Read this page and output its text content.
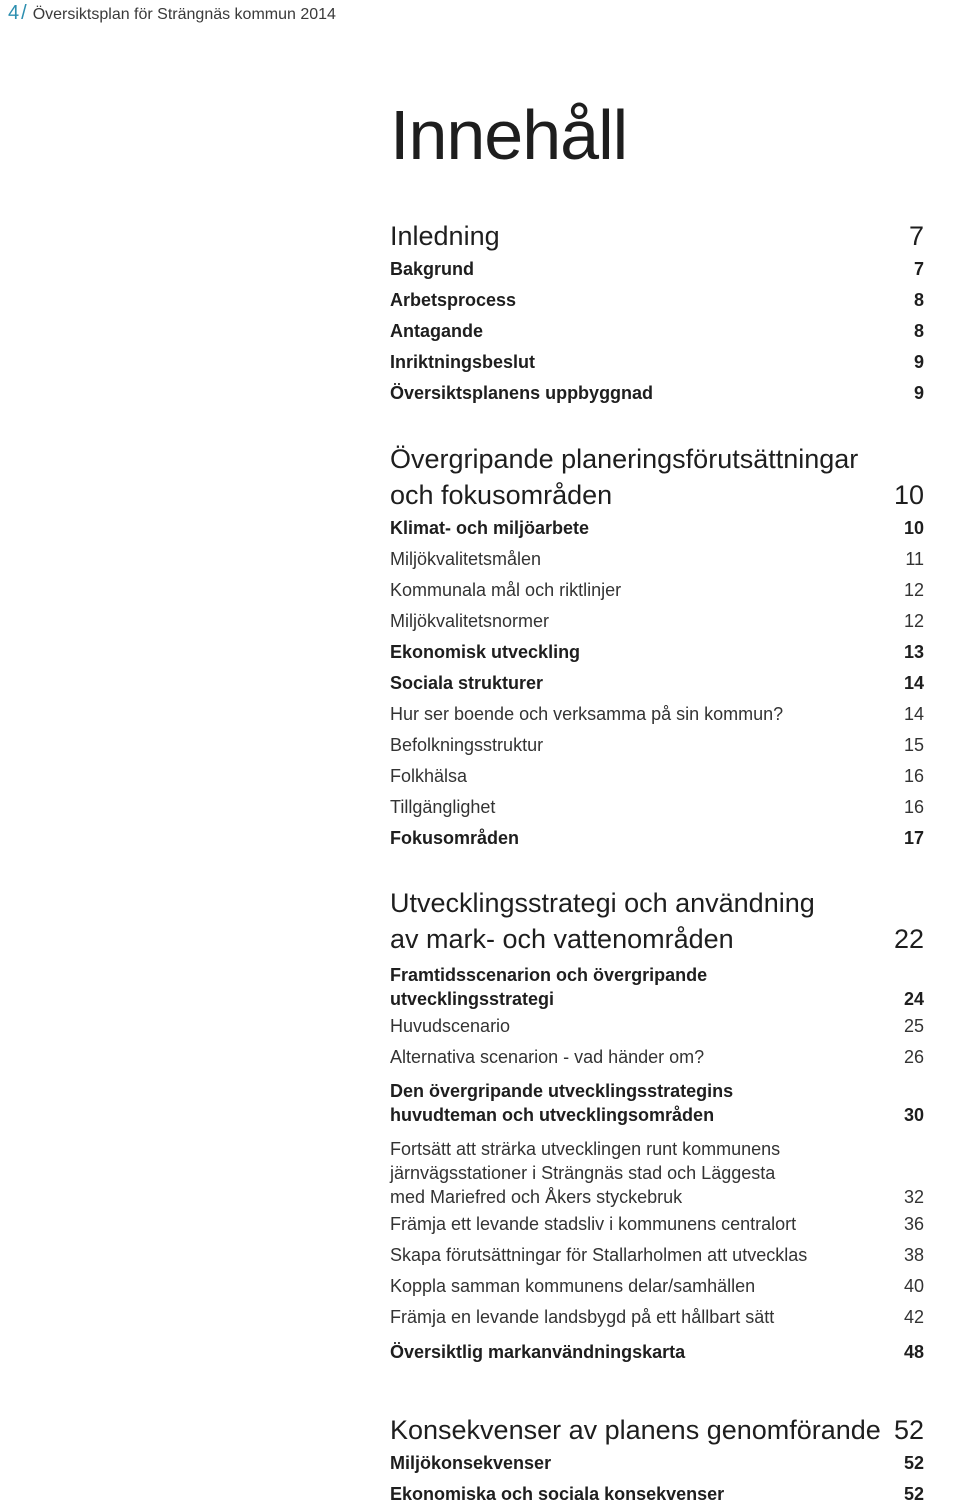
4 / Översiktsplan för Strängnäs kommun 2014
Innehåll
Inledning	7
Bakgrund	7
Arbetsprocess	8
Antagande	8
Inriktningsbeslut	9
Översiktsplanens uppbyggnad	9
Övergripande planeringsförutsättningar
och fokusområden	10
Klimat- och miljöarbete	10
Miljökvalitetsmålen	11
Kommunala mål och riktlinjer	12
Miljökvalitetsnormer	12
Ekonomisk utveckling	13
Sociala strukturer	14
Hur ser boende och verksamma på sin kommun?	14
Befolkningsstruktur	15
Folkhälsa	16
Tillgänglighet	16
Fokusområden	17
Utvecklingsstrategi och användning
av mark- och vattenområden	22
Framtidsscenarion och övergripande
utvecklingsstrategi	24
Huvudscenario	25
Alternativa scenarion - vad händer om?	26
Den övergripande utvecklingsstrategins
huvudteman och utvecklingsområden	30
Fortsätt att strärka utvecklingen runt kommunens
järnvägsstationer i Strängnäs stad och Läggesta
med Mariefred och Åkers styckebruk	32
Främja ett levande stadsliv i kommunens centralort	36
Skapa förutsättningar för Stallarholmen att utvecklas	38
Koppla samman kommunens delar/samhällen	40
Främja en levande landsbygd på ett hållbart sätt	42
Översiktlig markanvändningskarta	48
Konsekvenser av planens genomförande 52
Miljökonsekvenser	52
Ekonomiska och sociala konsekvenser	52
